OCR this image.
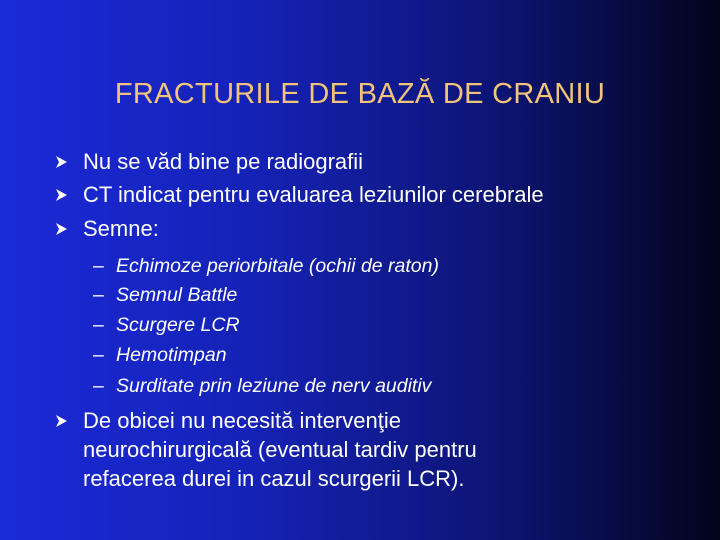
FRACTURILE DE BAZĂ DE CRANIU
Nu se văd bine pe radiografii
CT indicat pentru evaluarea leziunilor cerebrale
Semne:
– Echimoze periorbitale (ochii de raton)
– Semnul Battle
– Scurgere LCR
– Hemotimpan
– Surditate prin leziune de nerv auditiv
De obicei nu necesită intervenţie
neurochirurgicală (eventual tardiv pentru
refacerea durei in cazul scurgerii LCR).
